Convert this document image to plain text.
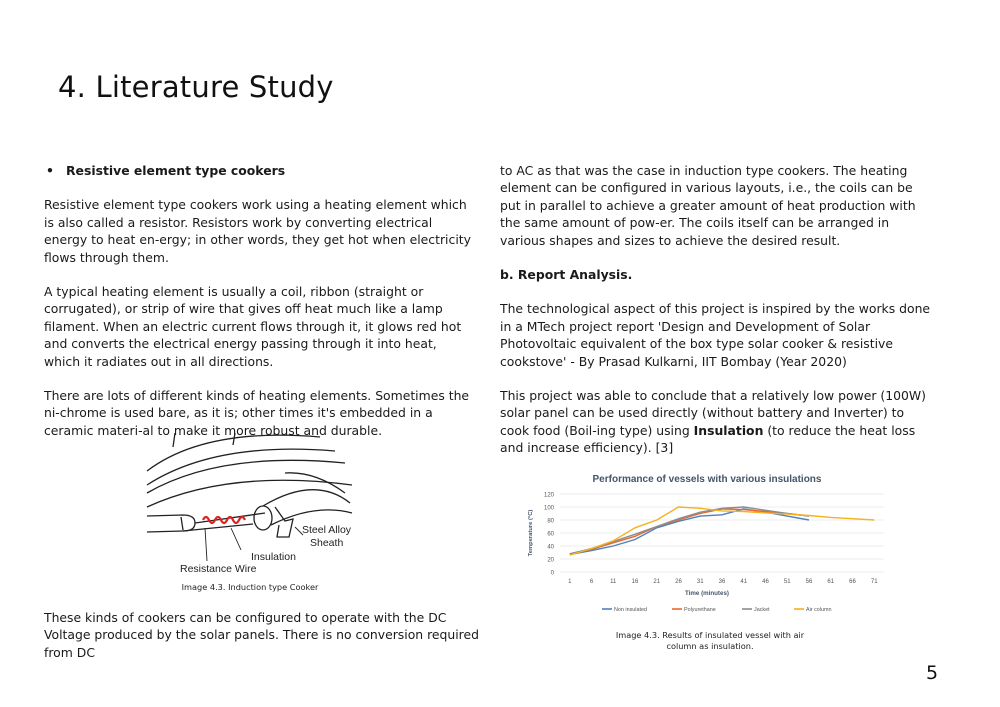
4. Literature Study
• Resistive element type cookers

Resistive element type cookers work using a heating element which is also called a resistor. Resistors work by converting electrical energy to heat en-ergy; in other words, they get hot when electricity flows through them.

A typical heating element is usually a coil, ribbon (straight or corrugated), or strip of wire that gives off heat much like a lamp filament. When an electric current flows through it, it glows red hot and converts the electrical energy passing through it into heat, which it radiates out in all directions.

There are lots of different kinds of heating elements. Sometimes the ni-chrome is used bare, as it is; other times it's embedded in a ceramic materi-al to make it more robust and durable.

Steel Alloy
Sheath
Insulation
Resistance Wire
Image 4.3. Induction type Cooker
These kinds of cookers can be configured to operate with the DC Voltage produced by the solar panels. There is no conversion required from DC

to AC as that was the case in induction type cookers. The heating element can be configured in various layouts, i.e., the coils can be put in parallel to achieve a greater amount of heat production with the same amount of pow-er. The coils itself can be arranged in various shapes and sizes to achieve the desired result.

b. Report Analysis.

The technological aspect of this project is inspired by the works done in a MTech project report 'Design and Development of Solar Photovoltaic equivalent of the box type solar cooker & resistive cookstove' - By Prasad Kulkarni, IIT Bombay (Year 2020)

This project was able to conclude that a relatively low power (100W) solar panel can be used directly (without battery and Inverter) to cook food (Boil-ing type) using Insulation (to reduce the heat loss and increase efficiency). [3]

Performance of vessels with various insulations
0
20
40
60
80
100
120
1	6	11	16	21	26	31	36	41	46	51	56	61	66	71
Time (minutes)
Temperature (°C)
Non insulated	Polyurethane	Jacket	Air column
Image 4.3. Results of insulated vessel with air column as insulation.
5
